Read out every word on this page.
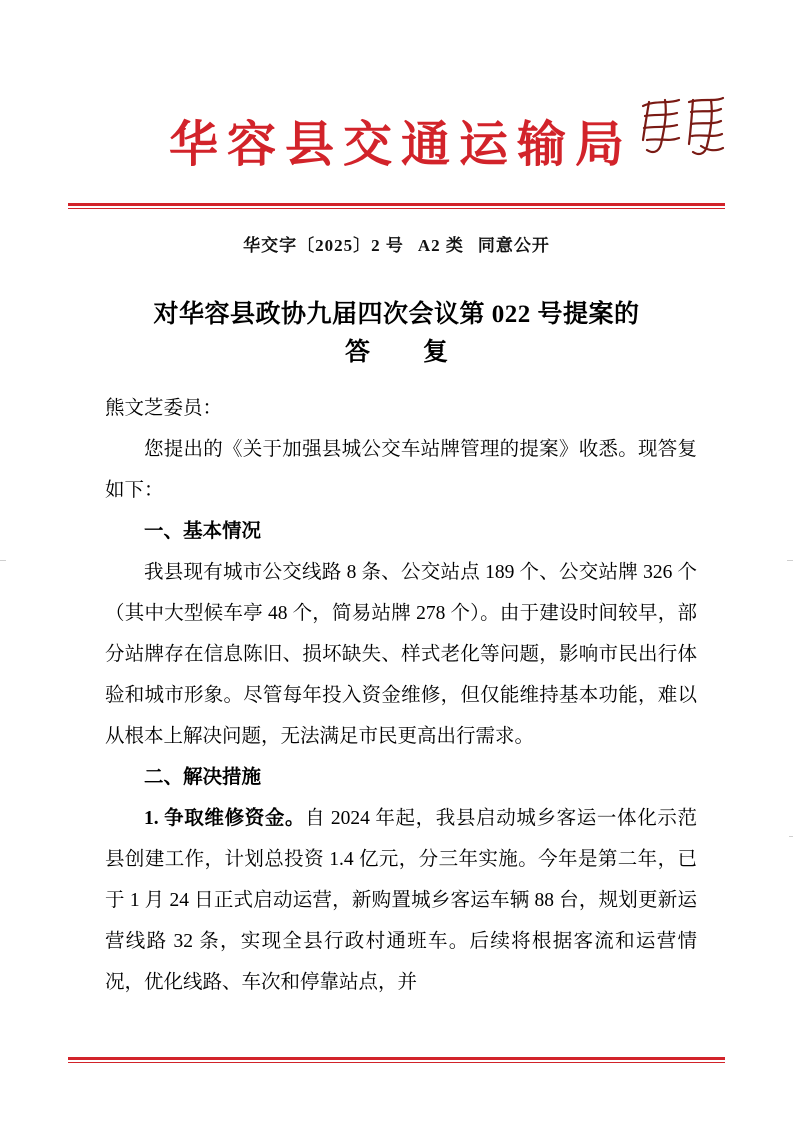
华容县交通运输局
华交字〔2025〕2 号 A2 类 同意公开
对华容县政协九届四次会议第 022 号提案的
答　复

熊文芝委员：

您提出的《关于加强县城公交车站牌管理的提案》收悉。现答复如下：

一、基本情况

我县现有城市公交线路 8 条、公交站点 189 个、公交站牌 326 个（其中大型候车亭 48 个，简易站牌 278 个）。由于建设时间较早，部分站牌存在信息陈旧、损坏缺失、样式老化等问题，影响市民出行体验和城市形象。尽管每年投入资金维修，但仅能维持基本功能，难以从根本上解决问题，无法满足市民更高出行需求。

二、解决措施

1. 争取维修资金。自 2024 年起，我县启动城乡客运一体化示范县创建工作，计划总投资 1.4 亿元，分三年实施。今年是第二年，已于 1 月 24 日正式启动运营，新购置城乡客运车辆 88 台，规划更新运营线路 32 条，实现全县行政村通班车。后续将根据客流和运营情况，优化线路、车次和停靠站点，并
